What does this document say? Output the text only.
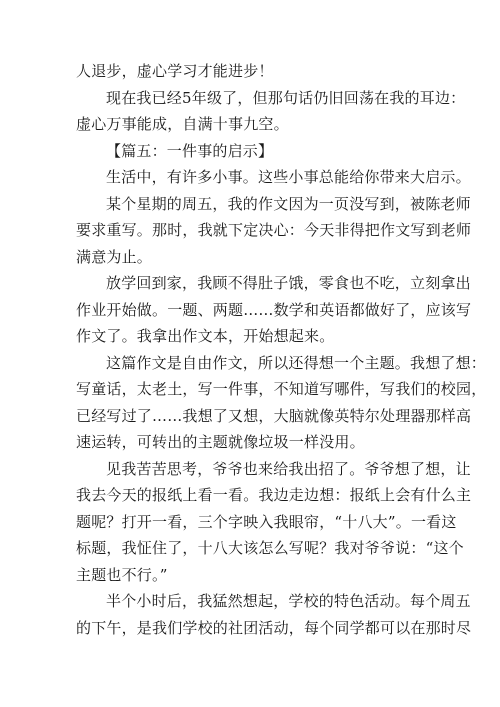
人退步，虚心学习才能进步！
现在我已经5年级了，但那句话仍旧回荡在我的耳边：
虚心万事能成，自满十事九空。
【篇五：一件事的启示】
生活中，有许多小事。这些小事总能给你带来大启示。
某个星期的周五，我的作文因为一页没写到，被陈老师
要求重写。那时，我就下定决心：今天非得把作文写到老师
满意为止。
放学回到家，我顾不得肚子饿，零食也不吃，立刻拿出
作业开始做。一题、两题……数学和英语都做好了，应该写
作文了。我拿出作文本，开始想起来。
这篇作文是自由作文，所以还得想一个主题。我想了想：
写童话，太老土，写一件事，不知道写哪件，写我们的校园，
已经写过了……我想了又想，大脑就像英特尔处理器那样高
速运转，可转出的主题就像垃圾一样没用。
见我苦苦思考，爷爷也来给我出招了。爷爷想了想，让
我去今天的报纸上看一看。我边走边想：报纸上会有什么主
题呢？打开一看，三个字映入我眼帘，“十八大”。一看这
标题，我怔住了，十八大该怎么写呢？我对爷爷说：“这个
主题也不行。”
半个小时后，我猛然想起，学校的特色活动。每个周五
的下午，是我们学校的社团活动，每个同学都可以在那时尽
